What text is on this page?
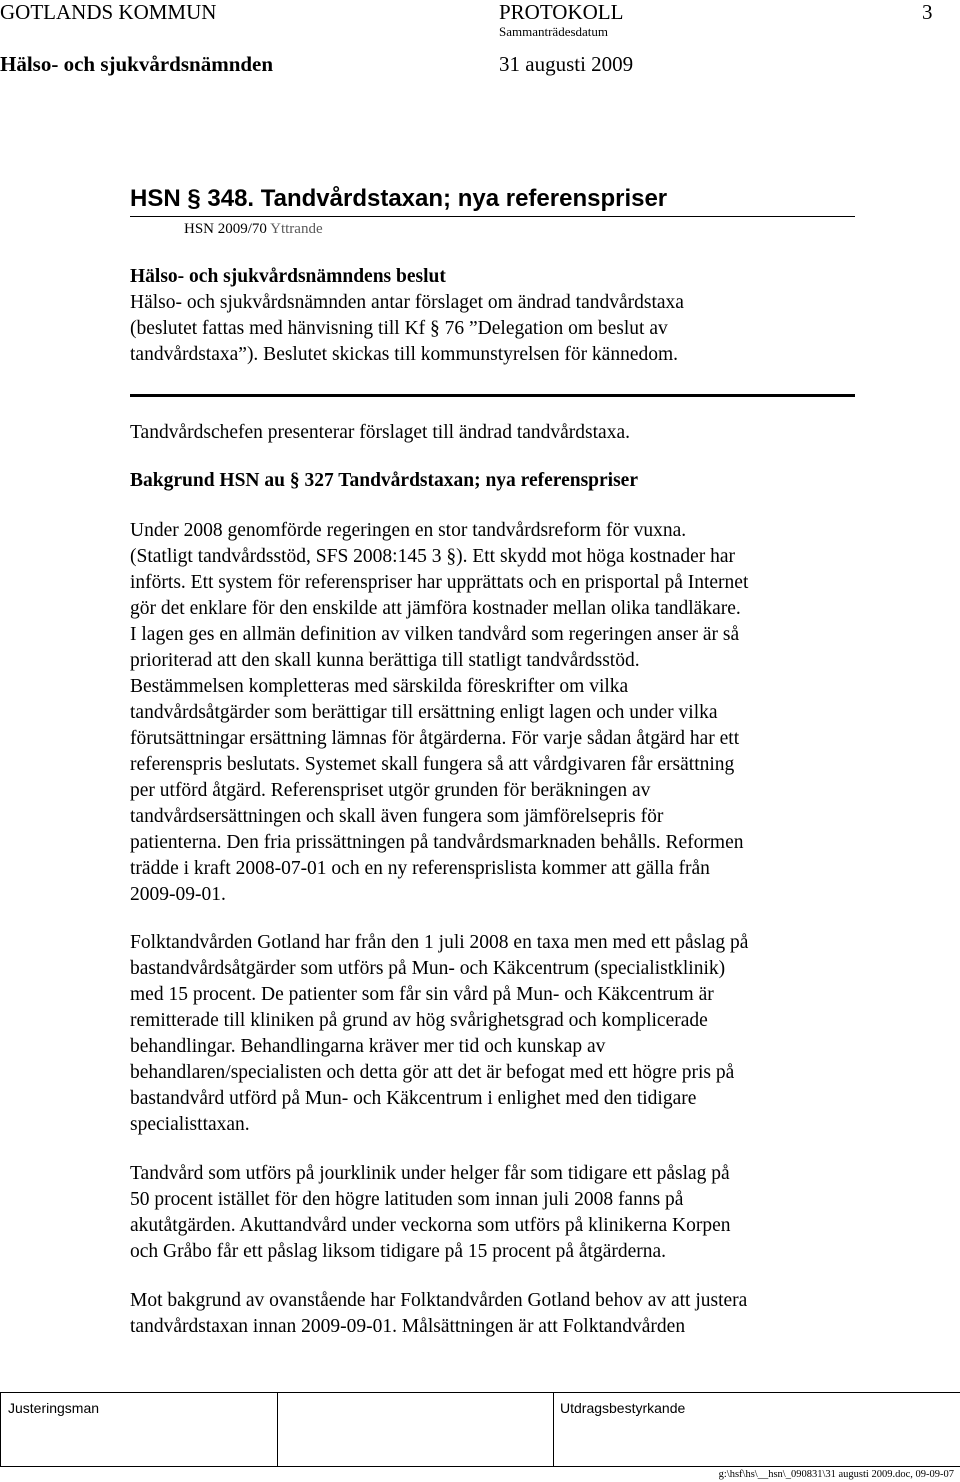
GOTLANDS KOMMUN	PROTOKOLL	3
Sammanträdesdatum
Hälso- och sjukvårdsnämnden	31 augusti 2009
HSN § 348. Tandvårdstaxan; nya referenspriser
HSN 2009/70 Yttrande
Hälso- och sjukvårdsnämndens beslut
Hälso- och sjukvårdsnämnden antar förslaget om ändrad tandvårdstaxa
(beslutet fattas med hänvisning till Kf § 76 ”Delegation om beslut av
tandvårdstaxa”). Beslutet skickas till kommunstyrelsen för kännedom.
Tandvårdschefen presenterar förslaget till ändrad tandvårdstaxa.
Bakgrund HSN au § 327 Tandvårdstaxan; nya referenspriser
Under 2008 genomförde regeringen en stor tandvårdsreform för vuxna.
(Statligt tandvårdsstöd, SFS 2008:145 3 §). Ett skydd mot höga kostnader har
införts. Ett system för referenspriser har upprättats och en prisportal på Internet
gör det enklare för den enskilde att jämföra kostnader mellan olika tandläkare.
I lagen ges en allmän definition av vilken tandvård som regeringen anser är så
prioriterad att den skall kunna berättiga till statligt tandvårdsstöd.
Bestämmelsen kompletteras med särskilda föreskrifter om vilka
tandvårdsåtgärder som berättigar till ersättning enligt lagen och under vilka
förutsättningar ersättning lämnas för åtgärderna. För varje sådan åtgärd har ett
referenspris beslutats. Systemet skall fungera så att vårdgivaren får ersättning
per utförd åtgärd. Referenspriset utgör grunden för beräkningen av
tandvårdsersättningen och skall även fungera som jämförelsepris för
patienterna. Den fria prissättningen på tandvårdsmarknaden behålls. Reformen
trädde i kraft 2008-07-01 och en ny referensprislista kommer att gälla från
2009-09-01.
Folktandvården Gotland har från den 1 juli 2008 en taxa men med ett påslag på
bastandvårdsåtgärder som utförs på Mun- och Käkcentrum (specialistklinik)
med 15 procent. De patienter som får sin vård på Mun- och Käkcentrum är
remitterade till kliniken på grund av hög svårighetsgrad och komplicerade
behandlingar. Behandlingarna kräver mer tid och kunskap av
behandlaren/specialisten och detta gör att det är befogat med ett högre pris på
bastandvård utförd på Mun- och Käkcentrum i enlighet med den tidigare
specialisttaxan.
Tandvård som utförs på jourklinik under helger får som tidigare ett påslag på
50 procent istället för den högre latituden som innan juli 2008 fanns på
akutåtgärden. Akuttandvård under veckorna som utförs på klinikerna Korpen
och Gråbo får ett påslag liksom tidigare på 15 procent på åtgärderna.
Mot bakgrund av ovanstående har Folktandvården Gotland behov av att justera
tandvårdstaxan innan 2009-09-01. Målsättningen är att Folktandvården
Justeringsman	Utdragsbestyrkande
g:\hsf\hs\__hsn\_090831\31 augusti 2009.doc, 09-09-07
